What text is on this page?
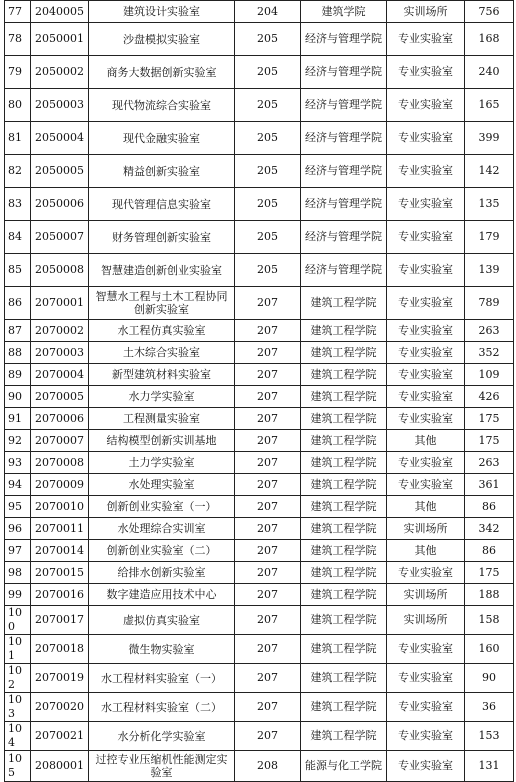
77	2040005	建筑设计实验室	204	建筑学院	实训场所	756
78	2050001	沙盘模拟实验室	205	经济与管理学院	专业实验室	168
79	2050002	商务大数据创新实验室	205	经济与管理学院	专业实验室	240
80	2050003	现代物流综合实验室	205	经济与管理学院	专业实验室	165
81	2050004	现代金融实验室	205	经济与管理学院	专业实验室	399
82	2050005	精益创新实验室	205	经济与管理学院	专业实验室	142
83	2050006	现代管理信息实验室	205	经济与管理学院	专业实验室	135
84	2050007	财务管理创新实验室	205	经济与管理学院	专业实验室	179
85	2050008	智慧建造创新创业实验室	205	经济与管理学院	专业实验室	139
86	2070001	智慧水工程与土木工程协同创新实验室	207	建筑工程学院	专业实验室	789
87	2070002	水工程仿真实验室	207	建筑工程学院	专业实验室	263
88	2070003	土木综合实验室	207	建筑工程学院	专业实验室	352
89	2070004	新型建筑材料实验室	207	建筑工程学院	专业实验室	109
90	2070005	水力学实验室	207	建筑工程学院	专业实验室	426
91	2070006	工程测量实验室	207	建筑工程学院	专业实验室	175
92	2070007	结构模型创新实训基地	207	建筑工程学院	其他	175
93	2070008	土力学实验室	207	建筑工程学院	专业实验室	263
94	2070009	水处理实验室	207	建筑工程学院	专业实验室	361
95	2070010	创新创业实验室（一）	207	建筑工程学院	其他	86
96	2070011	水处理综合实训室	207	建筑工程学院	实训场所	342
97	2070014	创新创业实验室（二）	207	建筑工程学院	其他	86
98	2070015	给排水创新实验室	207	建筑工程学院	专业实验室	175
99	2070016	数字建造应用技术中心	207	建筑工程学院	实训场所	188
100	2070017	虚拟仿真实验室	207	建筑工程学院	实训场所	158
101	2070018	微生物实验室	207	建筑工程学院	专业实验室	160
102	2070019	水工程材料实验室（一）	207	建筑工程学院	专业实验室	90
103	2070020	水工程材料实验室（二）	207	建筑工程学院	专业实验室	36
104	2070021	水分析化学实验室	207	建筑工程学院	专业实验室	153
105	2080001	过控专业压缩机性能测定实验室	208	能源与化工学院	专业实验室	131
